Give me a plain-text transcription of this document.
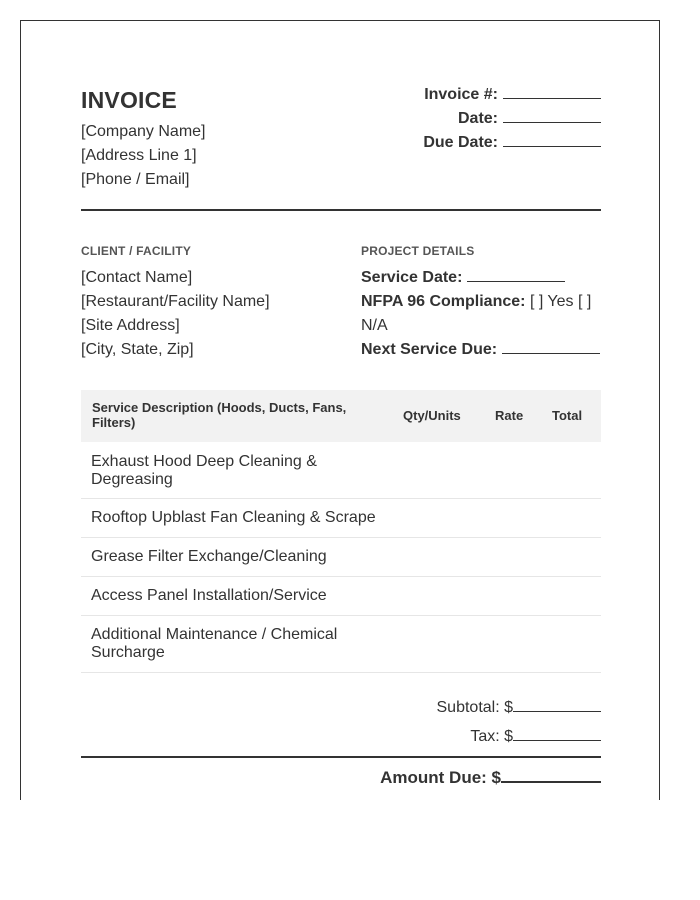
INVOICE
[Company Name]
[Address Line 1]
[Phone / Email]
Invoice #:
Date:
Due Date:
CLIENT / FACILITY	PROJECT DETAILS
[Contact Name]
[Restaurant/Facility Name]
[Site Address]
[City, State, Zip]
Service Date:
NFPA 96 Compliance: [ ] Yes [ ]
N/A
Next Service Due:
Service Description (Hoods, Ducts, Fans, Filters)	Qty/Units	Rate Total
Exhaust Hood Deep Cleaning & Degreasing
Rooftop Upblast Fan Cleaning & Scrape
Grease Filter Exchange/Cleaning
Access Panel Installation/Service
Additional Maintenance / Chemical Surcharge
Subtotal: $
Tax: $
Amount Due: $
